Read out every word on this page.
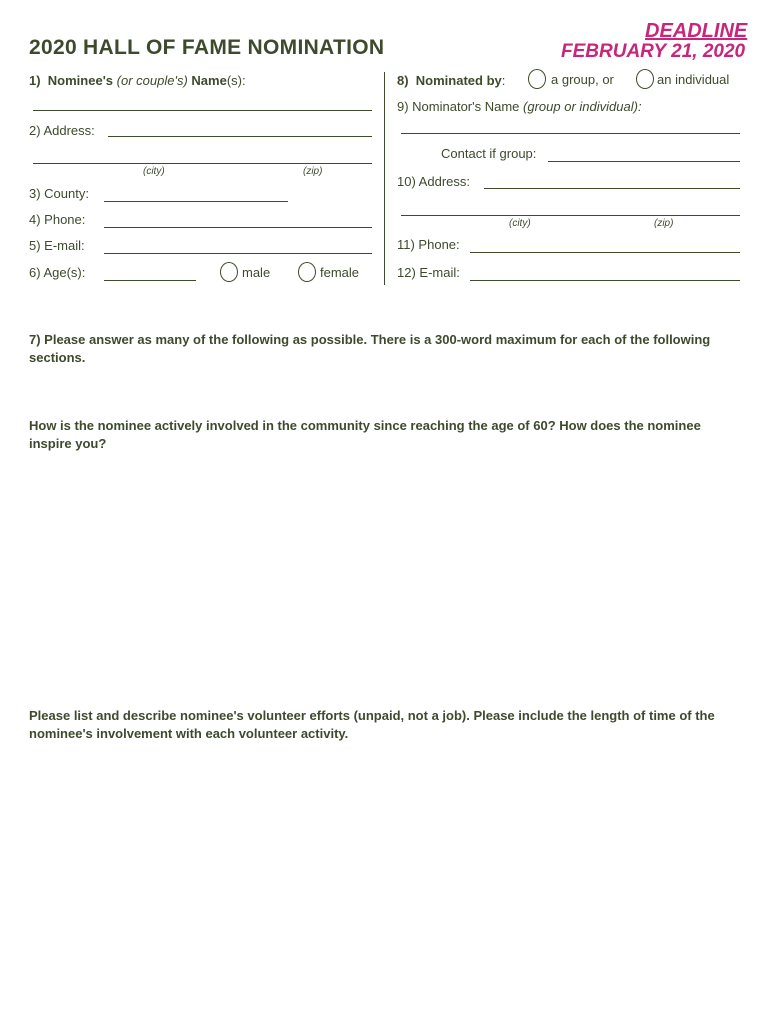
2020 HALL OF FAME NOMINATION
DEADLINE
FEBRUARY 21, 2020
1) Nominee's (or couple's) Name(s):
2) Address:
(city)	(zip)
3) County:
4) Phone:
5) E-mail:
6) Age(s):	male	female
8) Nominated by:	a group, or	an individual
9) Nominator's Name (group or individual):
Contact if group:
10) Address:
(city)	(zip)
11) Phone:
12) E-mail:
7) Please answer as many of the following as possible. There is a 300-word maximum for each of the following sections.
How is the nominee actively involved in the community since reaching the age of 60? How does the nominee inspire you?
Please list and describe nominee's volunteer efforts (unpaid, not a job). Please include the length of time of the nominee's involvement with each volunteer activity.
